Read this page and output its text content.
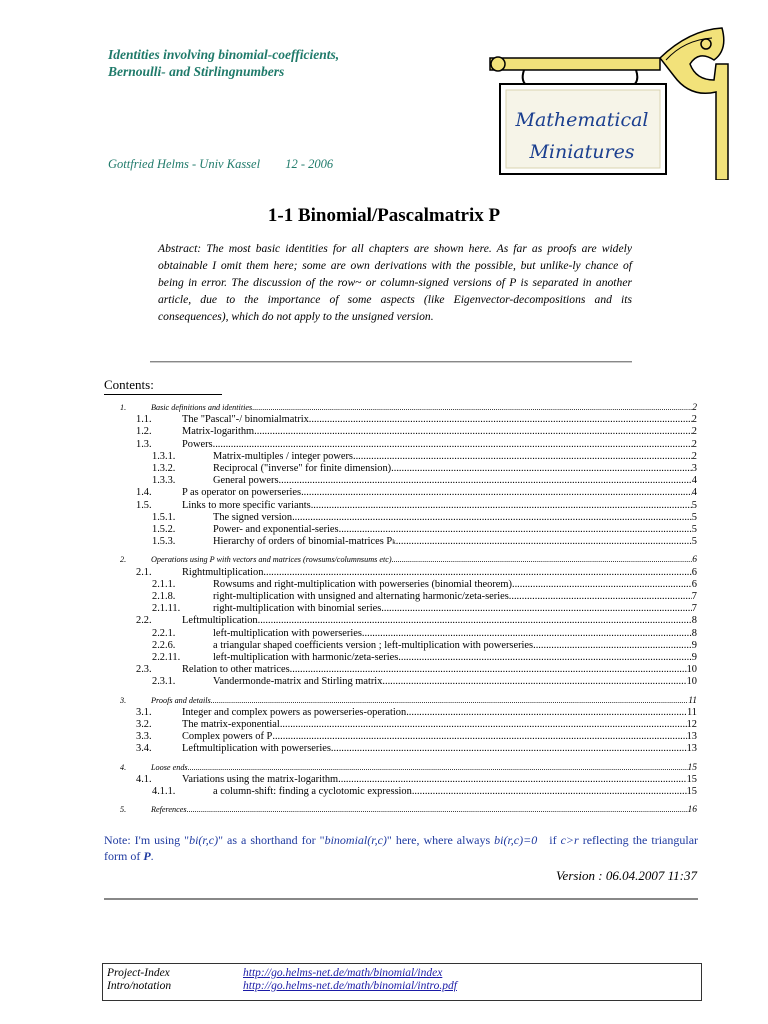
Identities involving binomial-coefficients,
Bernoulli- and Stirlingnumbers
Gottfried Helms - Univ Kassel 12 - 2006
Mathematical
Miniatures
1-1 Binomial/Pascalmatrix P
Abstract: The most basic identities for all chapters are shown here. As far as proofs are widely obtainable I omit them here; some are own derivations with the possible, but unlike-ly chance of being in error. The discussion of the row~ or column-signed versions of P is separated in another article, due to the importance of some aspects (like Eigenvector-decompositions and its consequences), which do not apply to the unsigned version.
Contents:
1.	Basic definitions and identities .....	2
1.1.	The "Pascal"-/ binomialmatrix .....	2
1.2.	Matrix-logarithm .....	2
1.3.	Powers .....	2
1.3.1.	Matrix-multiples / integer powers .....	2
1.3.2.	Reciprocal ("inverse" for finite dimension) .....	3
1.3.3.	General powers .....	4
1.4.	P as operator on powerseries .....	4
1.5.	Links to more specific variants .....	5
1.5.1.	The signed version .....	5
1.5.2.	Power- and exponential-series .....	5
1.5.3.	Hierarchy of orders of binomial-matrices P k .....	5
2.	Operations using P with vectors and matrices (rowsums/columnsums etc) .....	6
2.1.	Rightmultiplication .....	6
2.1.1.	Rowsums and right-multiplication with powerseries (binomial theorem) .....	6
2.1.8.	right-multiplication with unsigned and alternating harmonic/zeta-series .....	7
2.1.11.	right-multiplication with binomial series .....	7
2.2.	Leftmultiplication .....	8
2.2.1.	left-multiplication with powerseries .....	8
2.2.6.	a triangular shaped coefficients version ; left-multiplication with powerseries .....	9
2.2.11.	left-multiplication with harmonic/zeta-series .....	9
2.3.	Relation to other matrices .....	10
2.3.1.	Vandermonde-matrix and Stirling matrix .....	10
3.	Proofs and details .....	11
3.1.	Integer and complex powers as powerseries-operation .....	11
3.2.	The matrix-exponential .....	12
3.3.	Complex powers of P .....	13
3.4.	Leftmultiplication with powerseries .....	13
4.	Loose ends .....	15
4.1.	Variations using the matrix-logarithm .....	15
4.1.1.	a column-shift: finding a cyclotomic expression .....	15
5.	References .....	16
Note: I'm using "bi(r,c)" as a shorthand for "binomial(r,c)" here, where always bi(r,c)=0   if c>r reflecting the triangular form of P.
Version : 06.04.2007 11:37
Project-Index	http://go.helms-net.de/math/binomial/index
Intro/notation	http://go.helms-net.de/math/binomial/intro.pdf
